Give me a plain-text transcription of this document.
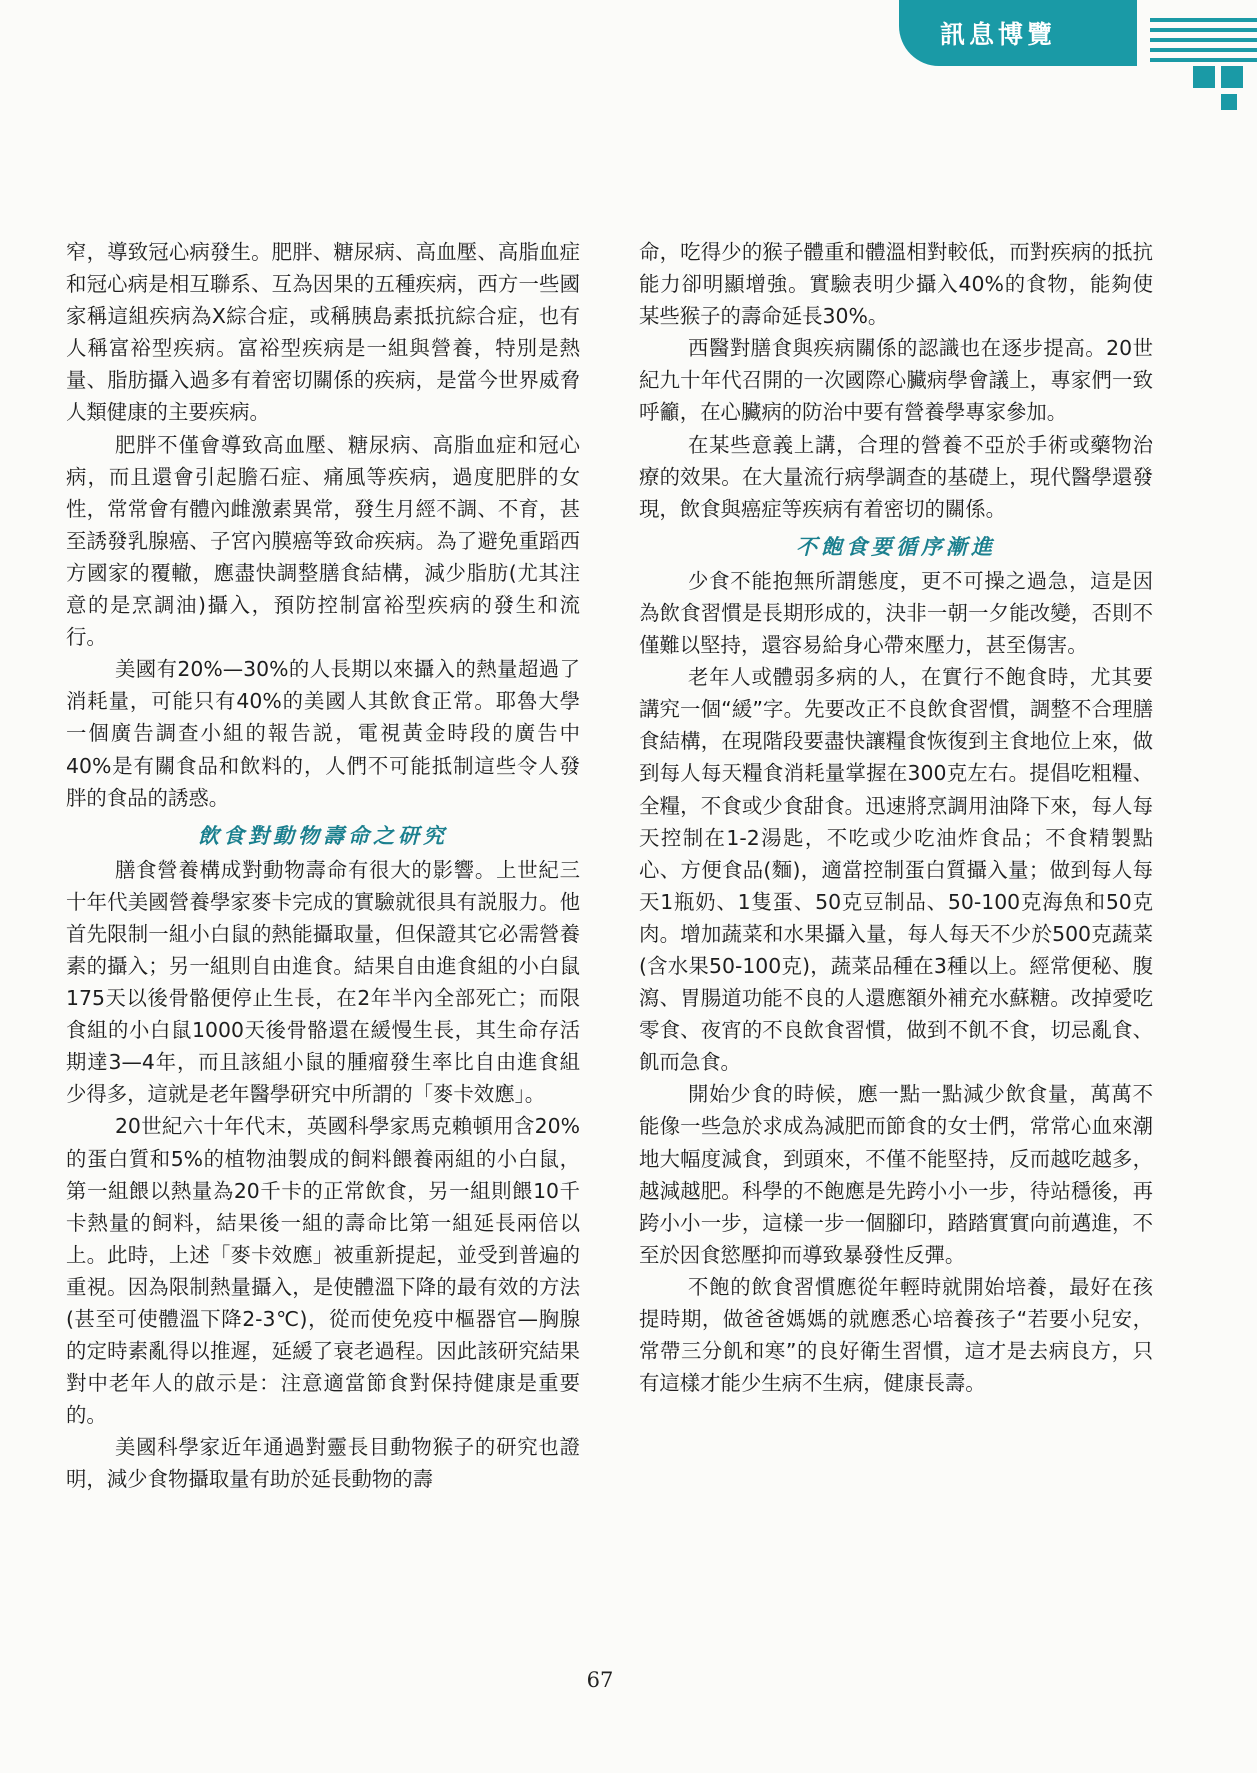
訊息博覽

窄，導致冠心病發生。肥胖、糖尿病、高血壓、高脂血症和冠心病是相互聯系、互為因果的五種疾病，西方一些國家稱這組疾病為X綜合症，或稱胰島素抵抗綜合症，也有人稱富裕型疾病。富裕型疾病是一組與營養，特別是熱量、脂肪攝入過多有着密切關係的疾病，是當今世界威脅人類健康的主要疾病。

肥胖不僅會導致高血壓、糖尿病、高脂血症和冠心病，而且還會引起膽石症、痛風等疾病，過度肥胖的女性，常常會有體內雌激素異常，發生月經不調、不育，甚至誘發乳腺癌、子宮內膜癌等致命疾病。為了避免重蹈西方國家的覆轍，應盡快調整膳食結構，減少脂肪(尤其注意的是烹調油)攝入，預防控制富裕型疾病的發生和流行。

美國有20%—30%的人長期以來攝入的熱量超過了消耗量，可能只有40%的美國人其飲食正常。耶魯大學一個廣告調查小組的報告説，電視黃金時段的廣告中40%是有關食品和飲料的，人們不可能抵制這些令人發胖的食品的誘惑。

飲食對動物壽命之研究

膳食營養構成對動物壽命有很大的影響。上世紀三十年代美國營養學家麥卡完成的實驗就很具有説服力。他首先限制一組小白鼠的熱能攝取量，但保證其它必需營養素的攝入；另一組則自由進食。結果自由進食組的小白鼠175天以後骨骼便停止生長，在2年半內全部死亡；而限食組的小白鼠1000天後骨骼還在緩慢生長，其生命存活期達3—4年，而且該組小鼠的腫瘤發生率比自由進食組少得多，這就是老年醫學研究中所謂的「麥卡效應」。

20世紀六十年代末，英國科學家馬克賴頓用含20%的蛋白質和5%的植物油製成的飼料餵養兩組的小白鼠，第一組餵以熱量為20千卡的正常飲食，另一組則餵10千卡熱量的飼料，結果後一組的壽命比第一組延長兩倍以上。此時，上述「麥卡效應」被重新提起，並受到普遍的重視。因為限制熱量攝入，是使體溫下降的最有效的方法(甚至可使體溫下降2-3℃)，從而使免疫中樞器官—胸腺的定時素亂得以推遲，延緩了衰老過程。因此該研究結果對中老年人的啟示是：注意適當節食對保持健康是重要的。

美國科學家近年通過對靈長目動物猴子的研究也證明，減少食物攝取量有助於延長動物的壽

命，吃得少的猴子體重和體溫相對較低，而對疾病的抵抗能力卻明顯增強。實驗表明少攝入40%的食物，能夠使某些猴子的壽命延長30%。

西醫對膳食與疾病關係的認識也在逐步提高。20世紀九十年代召開的一次國際心臟病學會議上，專家們一致呼籲，在心臟病的防治中要有營養學專家參加。

在某些意義上講，合理的營養不亞於手術或藥物治療的效果。在大量流行病學調查的基礎上，現代醫學還發現，飲食與癌症等疾病有着密切的關係。

不飽食要循序漸進

少食不能抱無所謂態度，更不可操之過急，這是因為飲食習慣是長期形成的，決非一朝一夕能改變，否則不僅難以堅持，還容易給身心帶來壓力，甚至傷害。

老年人或體弱多病的人，在實行不飽食時，尤其要講究一個“緩”字。先要改正不良飲食習慣，調整不合理膳食結構，在現階段要盡快讓糧食恢復到主食地位上來，做到每人每天糧食消耗量掌握在300克左右。提倡吃粗糧、全糧，不食或少食甜食。迅速將烹調用油降下來，每人每天控制在1-2湯匙，不吃或少吃油炸食品；不食精製點心、方便食品(麵)，適當控制蛋白質攝入量；做到每人每天1瓶奶、1隻蛋、50克豆制品、50-100克海魚和50克肉。增加蔬菜和水果攝入量，每人每天不少於500克蔬菜(含水果50-100克)，蔬菜品種在3種以上。經常便秘、腹瀉、胃腸道功能不良的人還應額外補充水蘇糖。改掉愛吃零食、夜宵的不良飲食習慣，做到不飢不食，切忌亂食、飢而急食。

開始少食的時候，應一點一點減少飲食量，萬萬不能像一些急於求成為減肥而節食的女士們，常常心血來潮地大幅度減食，到頭來，不僅不能堅持，反而越吃越多，越減越肥。科學的不飽應是先跨小小一步，待站穩後，再跨小小一步，這樣一步一個腳印，踏踏實實向前邁進，不至於因食慾壓抑而導致暴發性反彈。

不飽的飲食習慣應從年輕時就開始培養，最好在孩提時期，做爸爸媽媽的就應悉心培養孩子“若要小兒安，常帶三分飢和寒”的良好衛生習慣，這才是去病良方，只有這樣才能少生病不生病，健康長壽。

67
